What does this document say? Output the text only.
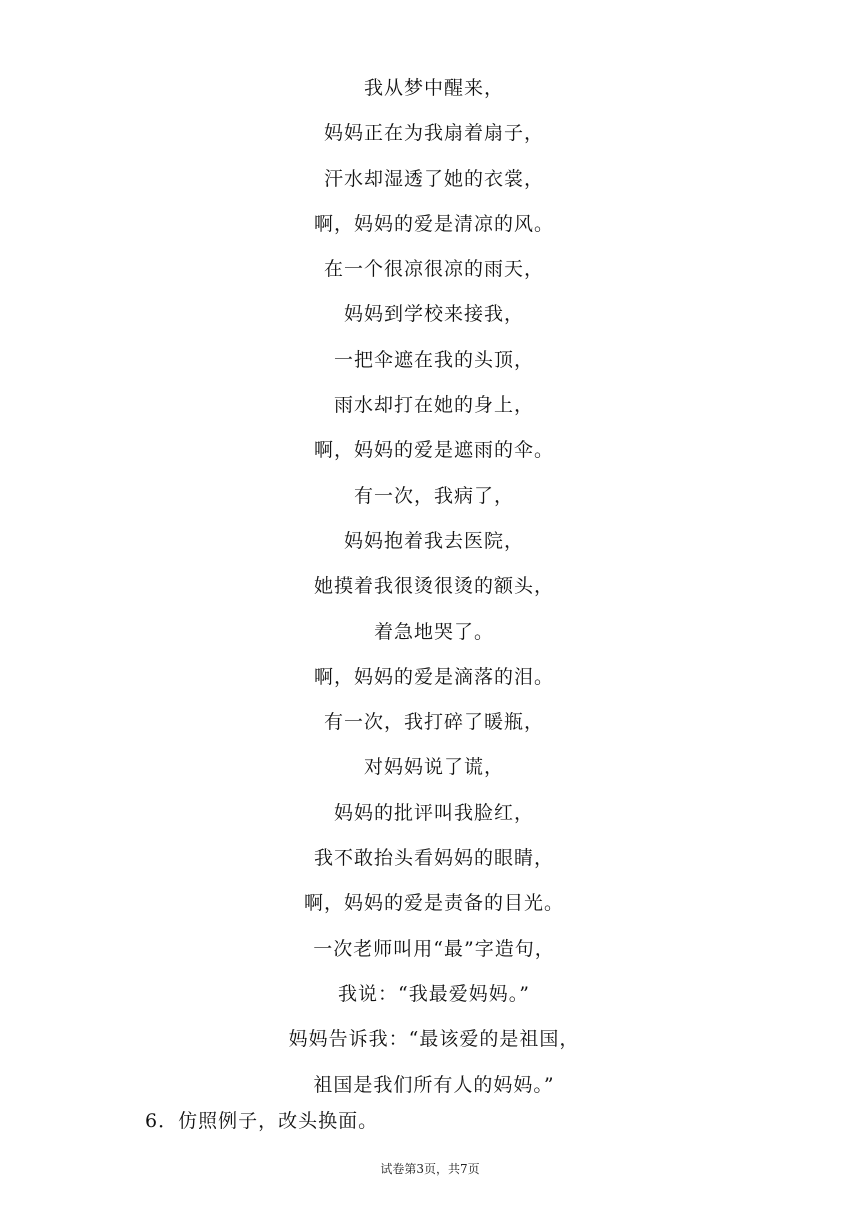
我从梦中醒来，
妈妈正在为我扇着扇子，
汗水却湿透了她的衣裳，
啊，妈妈的爱是清凉的风。
在一个很凉很凉的雨天，
妈妈到学校来接我，
一把伞遮在我的头顶，
雨水却打在她的身上，
啊，妈妈的爱是遮雨的伞。
有一次，我病了，
妈妈抱着我去医院，
她摸着我很烫很烫的额头，
着急地哭了。
啊，妈妈的爱是滴落的泪。
有一次，我打碎了暖瓶，
对妈妈说了谎，
妈妈的批评叫我脸红，
我不敢抬头看妈妈的眼睛，
啊，妈妈的爱是责备的目光。
一次老师叫用“最”字造句，
我说：“我最爱妈妈。”
妈妈告诉我：“最该爱的是祖国，
祖国是我们所有人的妈妈。”
6．仿照例子，改头换面。
试卷第3页，共7页
